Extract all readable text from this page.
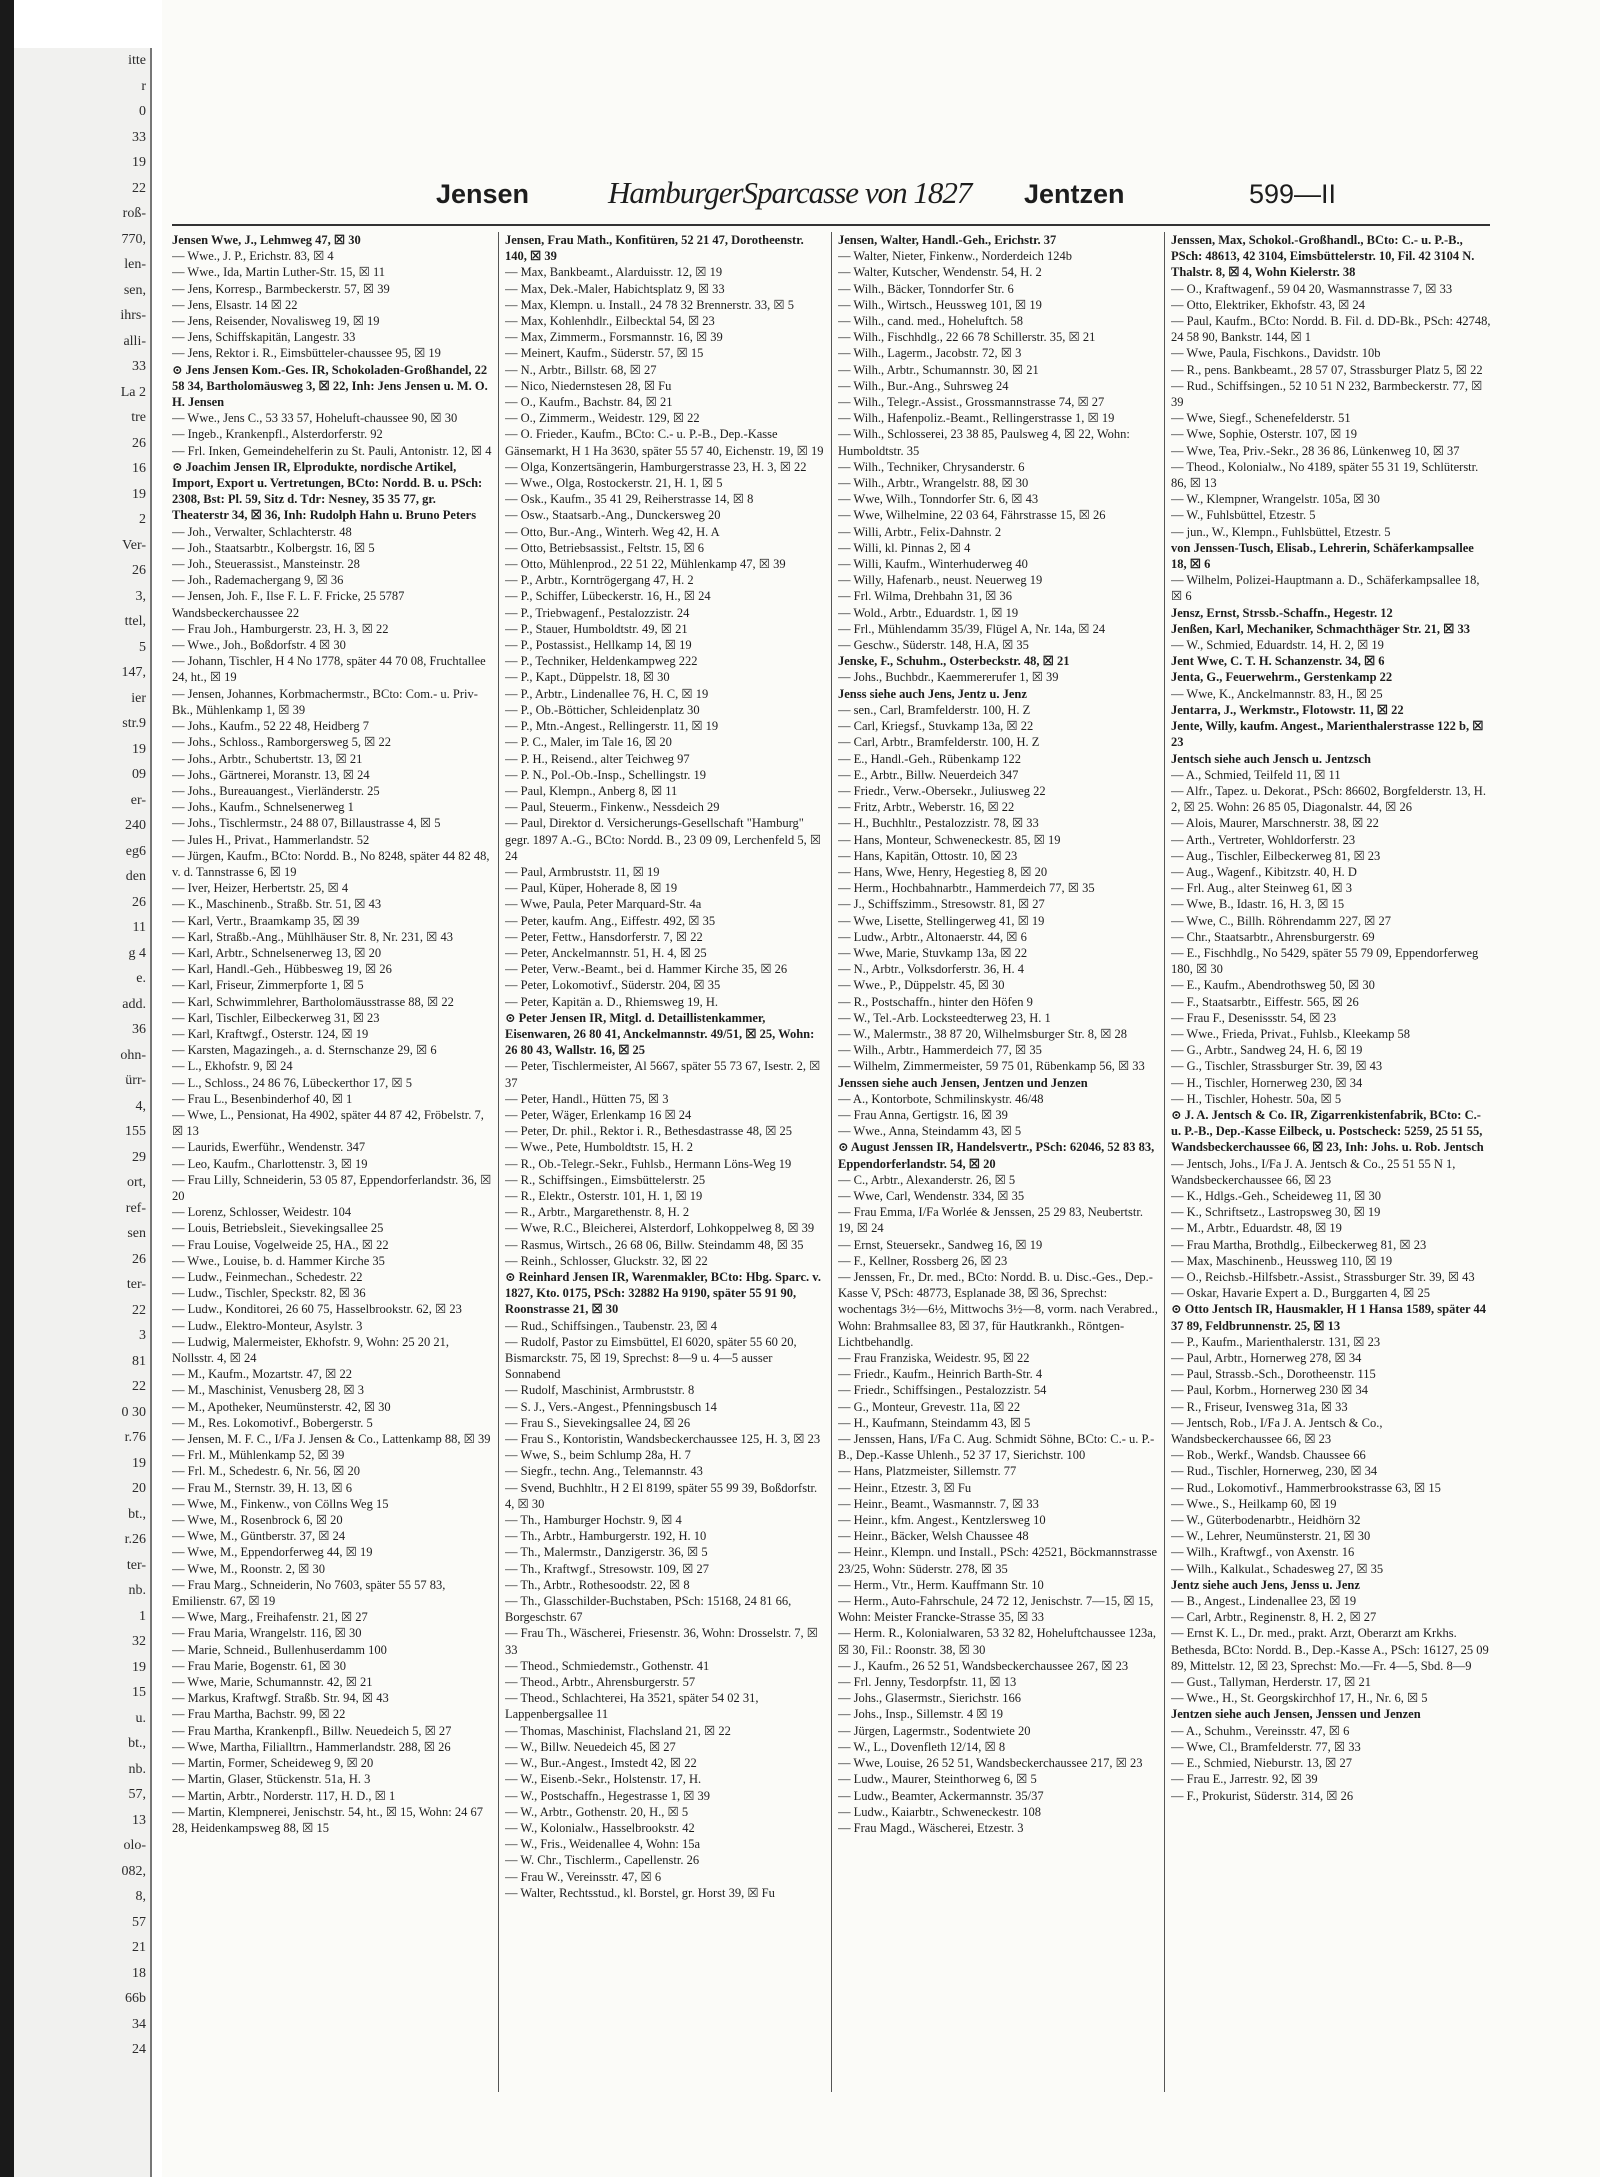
itte
r
0
33
19
22
roß-
770,
len-
sen,
ihrs-
alli-
33
La 2
tre
26
16
19
2
Ver-
26
3,
ttel,
5
147,
ier
str.9
19
09
er-
240
eg6
den
26
11
g 4
e.
add.
36
ohn-
ürr-
4,
155
29
ort,
ref-
sen
26
ter-
22
3
81
22
0 30
r.76
19
20
bt.,
r.26
ter-
nb.
1
32
19
15
u.
bt.,
nb.
57,
13
olo-
082,
8,
57
21
18
66b
34
24
Jensen	HamburgerSparcasse von 1827 Jentzen	599—II
Jensen Wwe, J., Lehmweg 47, ☒ 30
— Wwe., J. P., Erichstr. 83, ☒ 4
— Wwe., Ida, Martin Luther-Str. 15, ☒ 11
— Jens, Korresp., Barmbeckerstr. 57, ☒ 39
— Jens, Elsastr. 14 ☒ 22
— Jens, Reisender, Novalisweg 19, ☒ 19
— Jens, Schiffskapitän, Langestr. 33
— Jens, Rektor i. R., Eimsbütteler-chaussee 95, ☒ 19
⊙ Jens Jensen Kom.-Ges. IR, Schokoladen-Großhandel, 22 58 34, Bartholomäusweg 3, ☒ 22, Inh: Jens Jensen u. M. O. H. Jensen
— Wwe., Jens C., 53 33 57, Hoheluft-chaussee 90, ☒ 30
— Ingeb., Krankenpfl., Alsterdorferstr. 92
— Frl. Inken, Gemeindehelferin zu St. Pauli, Antonistr. 12, ☒ 4
⊙ Joachim Jensen IR, Elprodukte, nordische Artikel, Import, Export u. Vertretungen, BCto: Nordd. B. u. PSch: 2308, Bst: Pl. 59, Sitz d. Tdr: Nesney, 35 35 77, gr. Theaterstr 34, ☒ 36, Inh: Rudolph Hahn u. Bruno Peters
— Joh., Verwalter, Schlachterstr. 48
— Joh., Staatsarbtr., Kolbergstr. 16, ☒ 5
— Joh., Steuerassist., Mansteinstr. 28
— Joh., Rademachergang 9, ☒ 36
— Jensen, Joh. F., Ilse F. L. F. Fricke, 25 5787 Wandsbeckerchaussee 22
— Frau Joh., Hamburgerstr. 23, H. 3, ☒ 22
— Wwe., Joh., Boßdorfstr. 4 ☒ 30
— Johann, Tischler, H 4 No 1778, später 44 70 08, Fruchtallee 24, ht., ☒ 19
— Jensen, Johannes, Korbmachermstr., BCto: Com.- u. Priv-Bk., Mühlenkamp 1, ☒ 39
— Johs., Kaufm., 52 22 48, Heidberg 7
— Johs., Schloss., Ramborgersweg 5, ☒ 22
— Johs., Arbtr., Schubertstr. 13, ☒ 21
— Johs., Gärtnerei, Moranstr. 13, ☒ 24
— Johs., Bureauangest., Vierländerstr. 25
— Johs., Kaufm., Schnelsenerweg 1
— Johs., Tischlermstr., 24 88 07, Billaustrasse 4, ☒ 5
— Jules H., Privat., Hammerlandstr. 52
— Jürgen, Kaufm., BCto: Nordd. B., No 8248, später 44 82 48, v. d. Tannstrasse 6, ☒ 19
— Iver, Heizer, Herbertstr. 25, ☒ 4
— K., Maschinenb., Straßb. Str. 51, ☒ 43
— Karl, Vertr., Braamkamp 35, ☒ 39
— Karl, Straßb.-Ang., Mühlhäuser Str. 8, Nr. 231, ☒ 43
— Karl, Arbtr., Schnelsenerweg 13, ☒ 20
— Karl, Handl.-Geh., Hübbesweg 19, ☒ 26
— Karl, Friseur, Zimmerpforte 1, ☒ 5
— Karl, Schwimmlehrer, Bartholomäusstrasse 88, ☒ 22
— Karl, Tischler, Eilbeckerweg 31, ☒ 23
— Karl, Kraftwgf., Osterstr. 124, ☒ 19
— Karsten, Magazingeh., a. d. Sternschanze 29, ☒ 6
— L., Ekhofstr. 9, ☒ 24
— L., Schloss., 24 86 76, Lübeckerthor 17, ☒ 5
— Frau L., Besenbinderhof 40, ☒ 1
— Wwe, L., Pensionat, Ha 4902, später 44 87 42, Fröbelstr. 7, ☒ 13
— Laurids, Ewerführ., Wendenstr. 347
— Leo, Kaufm., Charlottenstr. 3, ☒ 19
— Frau Lilly, Schneiderin, 53 05 87, Eppendorferlandstr. 36, ☒ 20
— Lorenz, Schlosser, Weidestr. 104
— Louis, Betriebsleit., Sievekingsallee 25
— Frau Louise, Vogelweide 25, HA., ☒ 22
— Wwe., Louise, b. d. Hammer Kirche 35
— Ludw., Feinmechan., Schedestr. 22
— Ludw., Tischler, Speckstr. 82, ☒ 36
— Ludw., Konditorei, 26 60 75, Hasselbrookstr. 62, ☒ 23
— Ludw., Elektro-Monteur, Asylstr. 3
— Ludwig, Malermeister, Ekhofstr. 9, Wohn: 25 20 21, Nollsstr. 4, ☒ 24
— M., Kaufm., Mozartstr. 47, ☒ 22
— M., Maschinist, Venusberg 28, ☒ 3
— M., Apotheker, Neumünsterstr. 42, ☒ 30
— M., Res. Lokomotivf., Bobergerstr. 5
— Jensen, M. F. C., I/Fa J. Jensen & Co., Lattenkamp 88, ☒ 39
— Frl. M., Mühlenkamp 52, ☒ 39
— Frl. M., Schedestr. 6, Nr. 56, ☒ 20
— Frau M., Sternstr. 39, H. 13, ☒ 6
— Wwe, M., Finkenw., von Cöllns Weg 15
— Wwe, M., Rosenbrock 6, ☒ 20
— Wwe, M., Güntberstr. 37, ☒ 24
— Wwe, M., Eppendorferweg 44, ☒ 19
— Wwe, M., Roonstr. 2, ☒ 30
— Frau Marg., Schneiderin, No 7603, später 55 57 83, Emilienstr. 67, ☒ 19
— Wwe, Marg., Freihafenstr. 21, ☒ 27
— Frau Maria, Wrangelstr. 116, ☒ 30
— Marie, Schneid., Bullenhuserdamm 100
— Frau Marie, Bogenstr. 61, ☒ 30
— Wwe, Marie, Schumannstr. 42, ☒ 21
— Markus, Kraftwgf. Straßb. Str. 94, ☒ 43
— Frau Martha, Bachstr. 99, ☒ 22
— Frau Martha, Krankenpfl., Billw. Neuedeich 5, ☒ 27
— Wwe, Martha, Filialltrn., Hammerlandstr. 288, ☒ 26
— Martin, Former, Scheideweg 9, ☒ 20
— Martin, Glaser, Stückenstr. 51a, H. 3
— Martin, Arbtr., Norderstr. 117, H. D., ☒ 1
— Martin, Klempnerei, Jenischstr. 54, ht., ☒ 15, Wohn: 24 67 28, Heidenkampsweg 88, ☒ 15
Jensen, Frau Math., Konfitüren, 52 21 47, Dorotheenstr. 140, ☒ 39
— Max, Bankbeamt., Alarduisstr. 12, ☒ 19
— Max, Dek.-Maler, Habichtsplatz 9, ☒ 33
— Max, Klempn. u. Install., 24 78 32 Brennerstr. 33, ☒ 5
— Max, Kohlenhdlr., Eilbecktal 54, ☒ 23
— Max, Zimmerm., Forsmannstr. 16, ☒ 39
— Meinert, Kaufm., Süderstr. 57, ☒ 15
— N., Arbtr., Billstr. 68, ☒ 27
— Nico, Niedernstesen 28, ☒ Fu
— O., Kaufm., Bachstr. 84, ☒ 21
— O., Zimmerm., Weidestr. 129, ☒ 22
— O. Frieder., Kaufm., BCto: C.- u. P.-B., Dep.-Kasse Gänsemarkt, H 1 Ha 3630, später 55 57 40, Eichenstr. 19, ☒ 19
— Olga, Konzertsängerin, Hamburgerstrasse 23, H. 3, ☒ 22
— Wwe., Olga, Rostockerstr. 21, H. 1, ☒ 5
— Osk., Kaufm., 35 41 29, Reiherstrasse 14, ☒ 8
— Osw., Staatsarb.-Ang., Dunckersweg 20
— Otto, Bur.-Ang., Winterh. Weg 42, H. A
— Otto, Betriebsassist., Feltstr. 15, ☒ 6
— Otto, Mühlenprod., 22 51 22, Mühlenkamp 47, ☒ 39
— P., Arbtr., Korntrögergang 47, H. 2
— P., Schiffer, Lübeckerstr. 16, H., ☒ 24
— P., Triebwagenf., Pestalozzistr. 24
— P., Stauer, Humboldtstr. 49, ☒ 21
— P., Postassist., Hellkamp 14, ☒ 19
— P., Techniker, Heldenkampweg 222
— P., Kapt., Düppelstr. 18, ☒ 30
— P., Arbtr., Lindenallee 76, H. C, ☒ 19
— P., Ob.-Bötticher, Schleidenplatz 30
— P., Mtn.-Angest., Rellingerstr. 11, ☒ 19
— P. C., Maler, im Tale 16, ☒ 20
— P. H., Reisend., alter Teichweg 97
— P. N., Pol.-Ob.-Insp., Schellingstr. 19
— Paul, Klempn., Anberg 8, ☒ 11
— Paul, Steuerm., Finkenw., Nessdeich 29
— Paul, Direktor d. Versicherungs-Gesellschaft "Hamburg" gegr. 1897 A.-G., BCto: Nordd. B., 23 09 09, Lerchenfeld 5, ☒ 24
— Paul, Armbruststr. 11, ☒ 19
— Paul, Küper, Hoherade 8, ☒ 19
— Wwe, Paula, Peter Marquard-Str. 4a
— Peter, kaufm. Ang., Eiffestr. 492, ☒ 35
— Peter, Fettw., Hansdorferstr. 7, ☒ 22
— Peter, Anckelmannstr. 51, H. 4, ☒ 25
— Peter, Verw.-Beamt., bei d. Hammer Kirche 35, ☒ 26
— Peter, Lokomotivf., Süderstr. 204, ☒ 35
— Peter, Kapitän a. D., Rhiemsweg 19, H.
⊙ Peter Jensen IR, Mitgl. d. Detaillistenkammer, Eisenwaren, 26 80 41, Anckelmannstr. 49/51, ☒ 25, Wohn: 26 80 43, Wallstr. 16, ☒ 25
— Peter, Tischlermeister, Al 5667, später 55 73 67, Isestr. 2, ☒ 37
— Peter, Handl., Hütten 75, ☒ 3
— Peter, Wäger, Erlenkamp 16 ☒ 24
— Peter, Dr. phil., Rektor i. R., Bethesdastrasse 48, ☒ 25
— Wwe., Pete, Humboldtstr. 15, H. 2
— R., Ob.-Telegr.-Sekr., Fuhlsb., Hermann Löns-Weg 19
— R., Schiffsingen., Eimsbüttelerstr. 25
— R., Elektr., Osterstr. 101, H. 1, ☒ 19
— R., Arbtr., Margarethenstr. 8, H. 2
— Wwe, R.C., Bleicherei, Alsterdorf, Lohkoppelweg 8, ☒ 39
— Rasmus, Wirtsch., 26 68 06, Billw. Steindamm 48, ☒ 35
— Reinh., Schlosser, Gluckstr. 32, ☒ 22
⊙ Reinhard Jensen IR, Warenmakler, BCto: Hbg. Sparc. v. 1827, Kto. 0175, PSch: 32882 Ha 9190, später 55 91 90, Roonstrasse 21, ☒ 30
— Rud., Schiffsingen., Taubenstr. 23, ☒ 4
— Rudolf, Pastor zu Eimsbüttel, El 6020, später 55 60 20, Bismarckstr. 75, ☒ 19, Sprechst: 8—9 u. 4—5 ausser Sonnabend
— Rudolf, Maschinist, Armbruststr. 8
— S. J., Vers.-Angest., Pfenningsbusch 14
— Frau S., Sievekingsallee 24, ☒ 26
— Frau S., Kontoristin, Wandsbeckerchaussee 125, H. 3, ☒ 23
— Wwe, S., beim Schlump 28a, H. 7
— Siegfr., techn. Ang., Telemannstr. 43
— Svend, Buchhltr., H 2 El 8199, später 55 99 39, Boßdorfstr. 4, ☒ 30
— Th., Hamburger Hochstr. 9, ☒ 4
— Th., Arbtr., Hamburgerstr. 192, H. 10
— Th., Malermstr., Danzigerstr. 36, ☒ 5
— Th., Kraftwgf., Stresowstr. 109, ☒ 27
— Th., Arbtr., Rothesoodstr. 22, ☒ 8
— Th., Glasschilder-Buchstaben, PSch: 15168, 24 81 66, Borgeschstr. 67
— Frau Th., Wäscherei, Friesenstr. 36, Wohn: Drosselstr. 7, ☒ 33
— Theod., Schmiedemstr., Gothenstr. 41
— Theod., Arbtr., Ahrensburgerstr. 57
— Theod., Schlachterei, Ha 3521, später 54 02 31, Lappenbergsallee 11
— Thomas, Maschinist, Flachsland 21, ☒ 22
— W., Billw. Neuedeich 45, ☒ 27
— W., Bur.-Angest., Imstedt 42, ☒ 22
— W., Eisenb.-Sekr., Holstenstr. 17, H.
— W., Postschaffn., Hegestrasse 1, ☒ 39
— W., Arbtr., Gothenstr. 20, H., ☒ 5
— W., Kolonialw., Hasselbrookstr. 42
— W., Fris., Weidenallee 4, Wohn: 15a
— W. Chr., Tischlerm., Capellenstr. 26
— Frau W., Vereinsstr. 47, ☒ 6
— Walter, Rechtsstud., kl. Borstel, gr. Horst 39, ☒ Fu
Jensen, Walter, Handl.-Geh., Erichstr. 37
— Walter, Nieter, Finkenw., Norderdeich 124b
— Walter, Kutscher, Wendenstr. 54, H. 2
— Wilh., Bäcker, Tonndorfer Str. 6
— Wilh., Wirtsch., Heussweg 101, ☒ 19
— Wilh., cand. med., Hoheluftch. 58
— Wilh., Fischhdlg., 22 66 78 Schillerstr. 35, ☒ 21
— Wilh., Lagerm., Jacobstr. 72, ☒ 3
— Wilh., Arbtr., Schumannstr. 30, ☒ 21
— Wilh., Bur.-Ang., Suhrsweg 24
— Wilh., Telegr.-Assist., Grossmannstrasse 74, ☒ 27
— Wilh., Hafenpoliz.-Beamt., Rellingerstrasse 1, ☒ 19
— Wilh., Schlosserei, 23 38 85, Paulsweg 4, ☒ 22, Wohn: Humboldtstr. 35
— Wilh., Techniker, Chrysanderstr. 6
— Wilh., Arbtr., Wrangelstr. 88, ☒ 30
— Wwe, Wilh., Tonndorfer Str. 6, ☒ 43
— Wwe, Wilhelmine, 22 03 64, Fährstrasse 15, ☒ 26
— Willi, Arbtr., Felix-Dahnstr. 2
— Willi, kl. Pinnas 2, ☒ 4
— Willi, Kaufm., Winterhuderweg 40
— Willy, Hafenarb., neust. Neuerweg 19
— Frl. Wilma, Drehbahn 31, ☒ 36
— Wold., Arbtr., Eduardstr. 1, ☒ 19
— Frl., Mühlendamm 35/39, Flügel A, Nr. 14a, ☒ 24
— Geschw., Süderstr. 148, H.A, ☒ 35
Jenske, F., Schuhm., Osterbeckstr. 48, ☒ 21
— Johs., Buchbdr., Kaemmererufer 1, ☒ 39
Jenss siehe auch Jens, Jentz u. Jenz
— sen., Carl, Bramfelderstr. 100, H. Z
— Carl, Kriegsf., Stuvkamp 13a, ☒ 22
— Carl, Arbtr., Bramfelderstr. 100, H. Z
— E., Handl.-Geh., Rübenkamp 122
— E., Arbtr., Billw. Neuerdeich 347
— Friedr., Verw.-Obersekr., Juliusweg 22
— Fritz, Arbtr., Weberstr. 16, ☒ 22
— H., Buchhltr., Pestalozzistr. 78, ☒ 33
— Hans, Monteur, Schweneckestr. 85, ☒ 19
— Hans, Kapitän, Ottostr. 10, ☒ 23
— Hans, Wwe, Henry, Hegestieg 8, ☒ 20
— Herm., Hochbahnarbtr., Hammerdeich 77, ☒ 35
— J., Schiffszimm., Stresowstr. 81, ☒ 27
— Wwe, Lisette, Stellingerweg 41, ☒ 19
— Ludw., Arbtr., Altonaerstr. 44, ☒ 6
— Wwe, Marie, Stuvkamp 13a, ☒ 22
— N., Arbtr., Volksdorferstr. 36, H. 4
— Wwe., P., Düppelstr. 45, ☒ 30
— R., Postschaffn., hinter den Höfen 9
— W., Tel.-Arb. Locksteedterweg 23, H. 1
— W., Malermstr., 38 87 20, Wilhelmsburger Str. 8, ☒ 28
— Wilh., Arbtr., Hammerdeich 77, ☒ 35
— Wilhelm, Zimmermeister, 59 75 01, Rübenkamp 56, ☒ 33
Jenssen siehe auch Jensen, Jentzen und Jenzen
— A., Kontorbote, Schmilinskystr. 46/48
— Frau Anna, Gertigstr. 16, ☒ 39
— Wwe., Anna, Steindamm 43, ☒ 5
⊙ August Jenssen IR, Handelsvertr., PSch: 62046, 52 83 83, Eppendorferlandstr. 54, ☒ 20
— C., Arbtr., Alexanderstr. 26, ☒ 5
— Wwe, Carl, Wendenstr. 334, ☒ 35
— Frau Emma, I/Fa Worlée & Jenssen, 25 29 83, Neubertstr. 19, ☒ 24
— Ernst, Steuersekr., Sandweg 16, ☒ 19
— F., Kellner, Rossberg 26, ☒ 23
— Jenssen, Fr., Dr. med., BCto: Nordd. B. u. Disc.-Ges., Dep.-Kasse V, PSch: 48773, Esplanade 38, ☒ 36, Sprechst: wochentags 3½—6½, Mittwochs 3½—8, vorm. nach Verabred., Wohn: Brahmsallee 83, ☒ 37, für Hautkrankh., Röntgen-Lichtbehandlg.
— Frau Franziska, Weidestr. 95, ☒ 22
— Friedr., Kaufm., Heinrich Barth-Str. 4
— Friedr., Schiffsingen., Pestalozzistr. 54
— G., Monteur, Grevestr. 11a, ☒ 22
— H., Kaufmann, Steindamm 43, ☒ 5
— Jenssen, Hans, I/Fa C. Aug. Schmidt Söhne, BCto: C.- u. P.-B., Dep.-Kasse Uhlenh., 52 37 17, Sierichstr. 100
— Hans, Platzmeister, Sillemstr. 77
— Heinr., Etzestr. 3, ☒ Fu
— Heinr., Beamt., Wasmannstr. 7, ☒ 33
— Heinr., kfm. Angest., Kentzlersweg 10
— Heinr., Bäcker, Welsh Chaussee 48
— Heinr., Klempn. und Install., PSch: 42521, Böckmannstrasse 23/25, Wohn: Süderstr. 278, ☒ 35
— Herm., Vtr., Herm. Kauffmann Str. 10
— Herm., Auto-Fahrschule, 24 72 12, Jenischstr. 7—15, ☒ 15, Wohn: Meister Francke-Strasse 35, ☒ 33
— Herm. R., Kolonialwaren, 53 32 82, Hoheluftchaussee 123a, ☒ 30, Fil.: Roonstr. 38, ☒ 30
— J., Kaufm., 26 52 51, Wandsbeckerchaussee 267, ☒ 23
— Frl. Jenny, Tesdorpfstr. 11, ☒ 13
— Johs., Glasermstr., Sierichstr. 166
— Johs., Insp., Sillemstr. 4 ☒ 19
— Jürgen, Lagermstr., Sodentwiete 20
— W., L., Dovenfleth 12/14, ☒ 8
— Wwe, Louise, 26 52 51, Wandsbeckerchaussee 217, ☒ 23
— Ludw., Maurer, Steinthorweg 6, ☒ 5
— Ludw., Beamter, Ackermannstr. 35/37
— Ludw., Kaiarbtr., Schweneckestr. 108
— Frau Magd., Wäscherei, Etzestr. 3
Jenssen, Max, Schokol.-Großhandl., BCto: C.- u. P.-B., PSch: 48613, 42 3104, Eimsbüttelerstr. 10, Fil. 42 3104 N. Thalstr. 8, ☒ 4, Wohn Kielerstr. 38
— O., Kraftwagenf., 59 04 20, Wasmannstrasse 7, ☒ 33
— Otto, Elektriker, Ekhofstr. 43, ☒ 24
— Paul, Kaufm., BCto: Nordd. B. Fil. d. DD-Bk., PSch: 42748, 24 58 90, Bankstr. 144, ☒ 1
— Wwe, Paula, Fischkons., Davidstr. 10b
— R., pens. Bankbeamt., 28 57 07, Strassburger Platz 5, ☒ 22
— Rud., Schiffsingen., 52 10 51 N 232, Barmbeckerstr. 77, ☒ 39
— Wwe, Siegf., Schenefelderstr. 51
— Wwe, Sophie, Osterstr. 107, ☒ 19
— Wwe, Tea, Priv.-Sekr., 28 36 86, Lünkenweg 10, ☒ 37
— Theod., Kolonialw., No 4189, später 55 31 19, Schlüterstr. 86, ☒ 13
— W., Klempner, Wrangelstr. 105a, ☒ 30
— W., Fuhlsbüttel, Etzestr. 5
— jun., W., Klempn., Fuhlsbüttel, Etzestr. 5
von Jenssen-Tusch, Elisab., Lehrerin, Schäferkampsallee 18, ☒ 6
— Wilhelm, Polizei-Hauptmann a. D., Schäferkampsallee 18, ☒ 6
Jensz, Ernst, Strssb.-Schaffn., Hegestr. 12
Jenßen, Karl, Mechaniker, Schmachthäger Str. 21, ☒ 33
— W., Schmied, Eduardstr. 14, H. 2, ☒ 19
Jent Wwe, C. T. H. Schanzenstr. 34, ☒ 6
Jenta, G., Feuerwehrm., Gerstenkamp 22
— Wwe, K., Anckelmannstr. 83, H., ☒ 25
Jentarra, J., Werkmstr., Flotowstr. 11, ☒ 22
Jente, Willy, kaufm. Angest., Marienthalerstrasse 122 b, ☒ 23
Jentsch siehe auch Jensch u. Jentzsch
— A., Schmied, Teilfeld 11, ☒ 11
— Alfr., Tapez. u. Dekorat., PSch: 86602, Borgfelderstr. 13, H. 2, ☒ 25. Wohn: 26 85 05, Diagonalstr. 44, ☒ 26
— Alois, Maurer, Marschnerstr. 38, ☒ 22
— Arth., Vertreter, Wohldorferstr. 23
— Aug., Tischler, Eilbeckerweg 81, ☒ 23
— Aug., Wagenf., Kibitzstr. 40, H. D
— Frl. Aug., alter Steinweg 61, ☒ 3
— Wwe, B., Idastr. 16, H. 3, ☒ 15
— Wwe, C., Billh. Röhrendamm 227, ☒ 27
— Chr., Staatsarbtr., Ahrensburgerstr. 69
— E., Fischhdlg., No 5429, später 55 79 09, Eppendorferweg 180, ☒ 30
— E., Kaufm., Abendrothsweg 50, ☒ 30
— F., Staatsarbtr., Eiffestr. 565, ☒ 26
— Frau F., Desenissstr. 54, ☒ 23
— Wwe., Frieda, Privat., Fuhlsb., Kleekamp 58
— G., Arbtr., Sandweg 24, H. 6, ☒ 19
— G., Tischler, Strassburger Str. 39, ☒ 43
— H., Tischler, Hornerweg 230, ☒ 34
— H., Tischler, Hohestr. 50a, ☒ 5
⊙ J. A. Jentsch & Co. IR, Zigarrenkistenfabrik, BCto: C.- u. P.-B., Dep.-Kasse Eilbeck, u. Postscheck: 5259, 25 51 55, Wandsbeckerchaussee 66, ☒ 23, Inh: Johs. u. Rob. Jentsch
— Jentsch, Johs., I/Fa J. A. Jentsch & Co., 25 51 55 N 1, Wandsbeckerchaussee 66, ☒ 23
— K., Hdlgs.-Geh., Scheideweg 11, ☒ 30
— K., Schriftsetz., Lastropsweg 30, ☒ 19
— M., Arbtr., Eduardstr. 48, ☒ 19
— Frau Martha, Brothdlg., Eilbeckerweg 81, ☒ 23
— Max, Maschinenb., Heussweg 110, ☒ 19
— O., Reichsb.-Hilfsbetr.-Assist., Strassburger Str. 39, ☒ 43
— Oskar, Havarie Expert a. D., Burggarten 4, ☒ 25
⊙ Otto Jentsch IR, Hausmakler, H 1 Hansa 1589, später 44 37 89, Feldbrunnenstr. 25, ☒ 13
— P., Kaufm., Marienthalerstr. 131, ☒ 23
— Paul, Arbtr., Hornerweg 278, ☒ 34
— Paul, Strassb.-Sch., Dorotheenstr. 115
— Paul, Korbm., Hornerweg 230 ☒ 34
— R., Friseur, Ivensweg 31a, ☒ 33
— Jentsch, Rob., I/Fa J. A. Jentsch & Co., Wandsbeckerchaussee 66, ☒ 23
— Rob., Werkf., Wandsb. Chaussee 66
— Rud., Tischler, Hornerweg, 230, ☒ 34
— Rud., Lokomotivf., Hammerbrookstrasse 63, ☒ 15
— Wwe., S., Heilkamp 60, ☒ 19
— W., Güterbodenarbtr., Heidhörn 32
— W., Lehrer, Neumünsterstr. 21, ☒ 30
— Wilh., Kraftwgf., von Axenstr. 16
— Wilh., Kalkulat., Schadesweg 27, ☒ 35
Jentz siehe auch Jens, Jenss u. Jenz
— B., Angest., Lindenallee 23, ☒ 19
— Carl, Arbtr., Reginenstr. 8, H. 2, ☒ 27
— Ernst K. L., Dr. med., prakt. Arzt, Oberarzt am Krkhs. Bethesda, BCto: Nordd. B., Dep.-Kasse A., PSch: 16127, 25 09 89, Mittelstr. 12, ☒ 23, Sprechst: Mo.—Fr. 4—5, Sbd. 8—9
— Gust., Tallyman, Herderstr. 17, ☒ 21
— Wwe., H., St. Georgskirchhof 17, H., Nr. 6, ☒ 5
Jentzen siehe auch Jensen, Jenssen und Jenzen
— A., Schuhm., Vereinsstr. 47, ☒ 6
— Wwe, Cl., Bramfelderstr. 77, ☒ 33
— E., Schmied, Nieburstr. 13, ☒ 27
— Frau E., Jarrestr. 92, ☒ 39
— F., Prokurist, Süderstr. 314, ☒ 26
